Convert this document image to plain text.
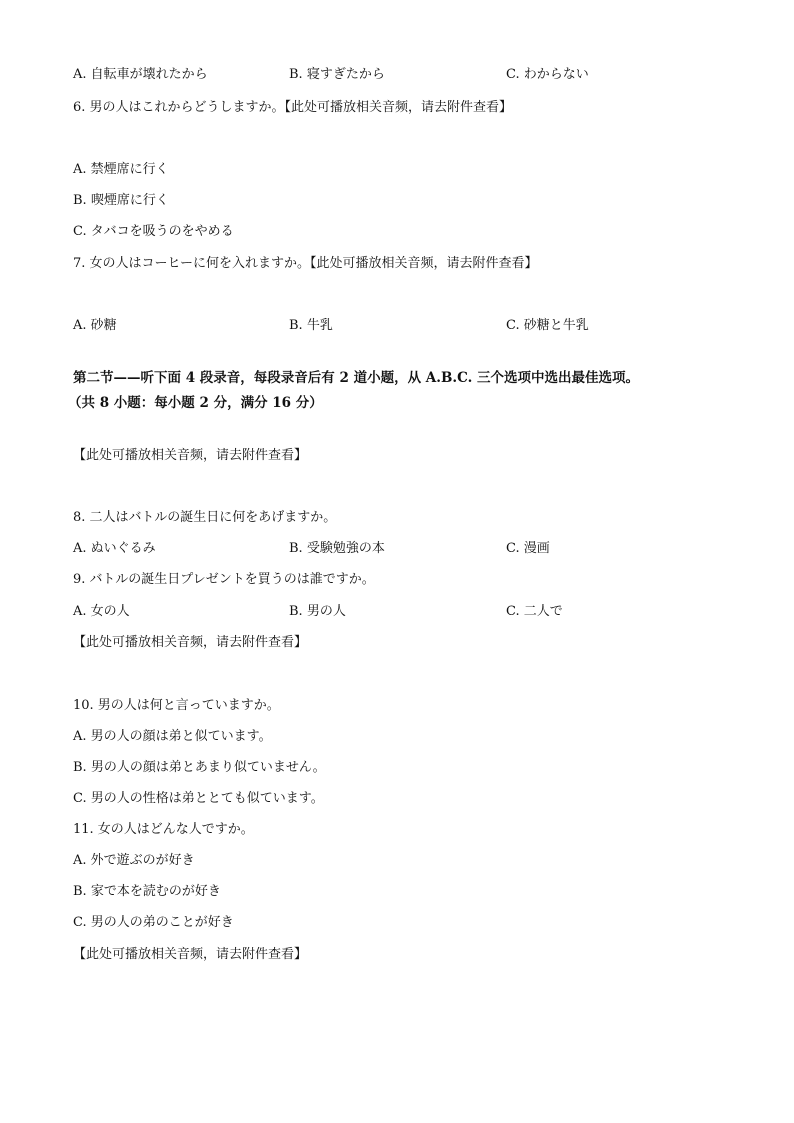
A. 自転車が壊れたから	B. 寝すぎたから	C. わからない
6. 男の人はこれからどうしますか。【此处可播放相关音频，请去附件查看】
A. 禁煙席に行く
B. 喫煙席に行く
C. タバコを吸うのをやめる
7. 女の人はコーヒーに何を入れますか。【此处可播放相关音频，请去附件查看】
A. 砂糖	B. 牛乳	C. 砂糖と牛乳
第二节——听下面 4 段录音，每段录音后有 2 道小题，从 A.B.C. 三个选项中选出最佳选项。
（共 8 小题：每小题 2 分，满分 16 分）
【此处可播放相关音频，请去附件查看】
8. 二人はバトルの誕生日に何をあげますか。
A. ぬいぐるみ	B. 受験勉強の本	C. 漫画
9. バトルの誕生日プレゼントを買うのは誰ですか。
A. 女の人	B. 男の人	C. 二人で
【此处可播放相关音频，请去附件查看】
10. 男の人は何と言っていますか。
A. 男の人の顔は弟と似ています。
B. 男の人の顔は弟とあまり似ていません。
C. 男の人の性格は弟ととても似ています。
11. 女の人はどんな人ですか。
A. 外で遊ぶのが好き
B. 家で本を読むのが好き
C. 男の人の弟のことが好き
【此处可播放相关音频，请去附件查看】
